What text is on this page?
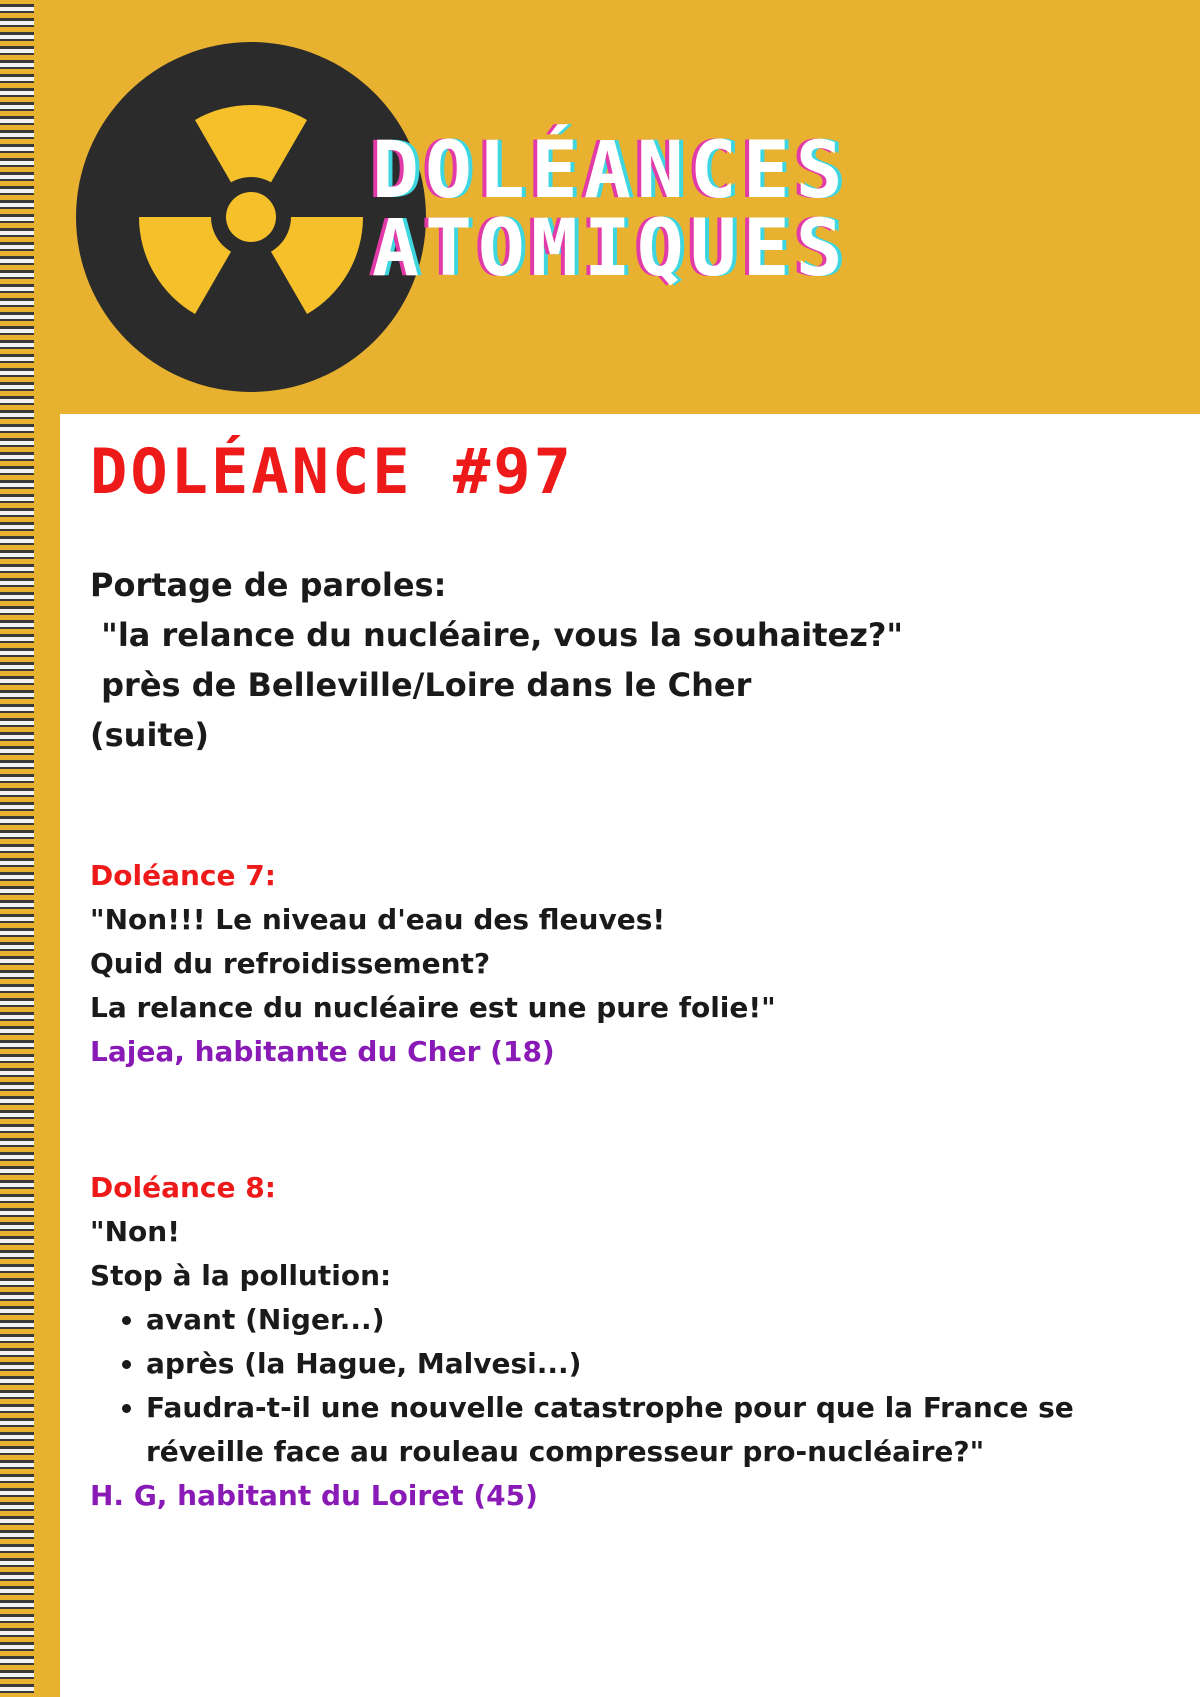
DOLÉANCES
ATOMIQUES
DOLÉANCE #97
Portage de paroles:
"la relance du nucléaire, vous la souhaitez?"
près de Belleville/Loire dans le Cher
(suite)
Doléance 7:
"Non!!! Le niveau d'eau des fleuves!
Quid du refroidissement?
La relance du nucléaire est une pure folie!"
Lajea, habitante du Cher (18)
Doléance 8:
"Non!
Stop à la pollution:
• avant (Niger...)
• après (la Hague, Malvesi...)
• Faudra-t-il une nouvelle catastrophe pour que la France se réveille face au rouleau compresseur pro-nucléaire?"
H. G, habitant du Loiret (45)
